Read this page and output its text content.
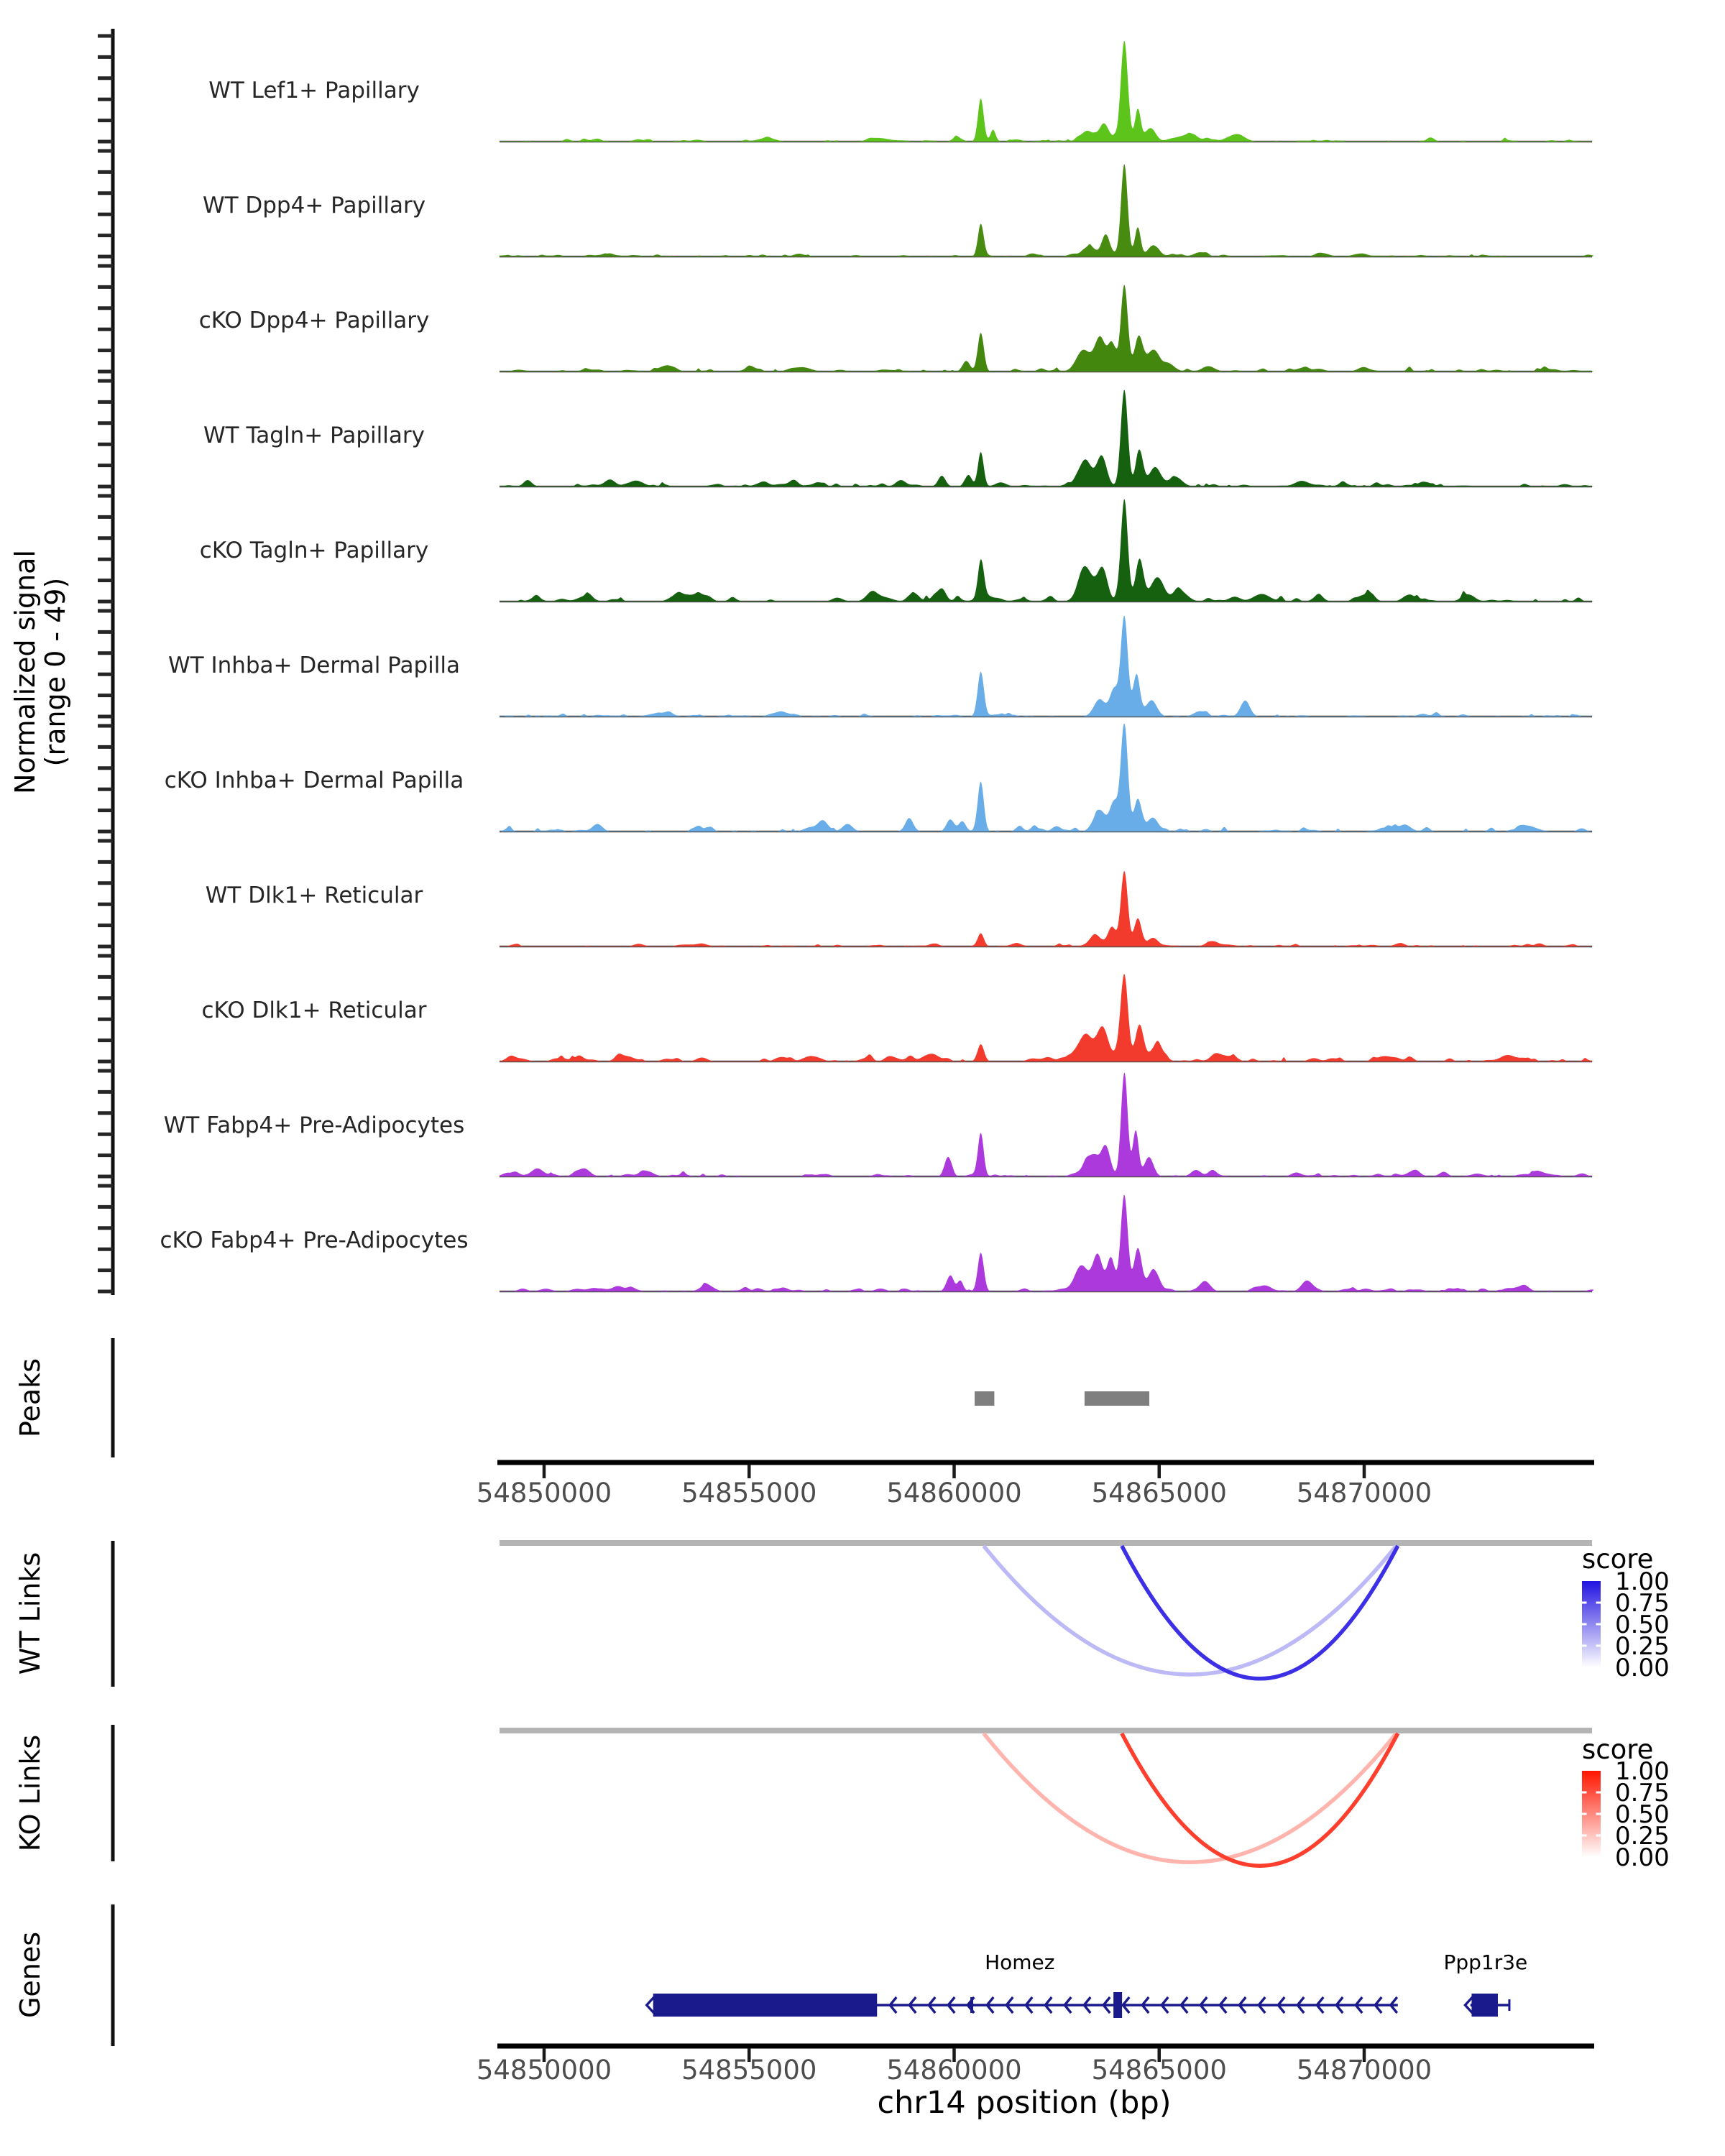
WT Lef1+ Papillary
WT Dpp4+ Papillary
cKO Dpp4+ Papillary
WT Tagln+ Papillary
cKO Tagln+ Papillary
WT Inhba+ Dermal Papilla
cKO Inhba+ Dermal Papilla
WT Dlk1+ Reticular
cKO Dlk1+ Reticular
WT Fabp4+ Pre-Adipocytes
cKO Fabp4+ Pre-Adipocytes
54850000	54855000	54860000	54865000	54870000
score
1.00
0.75
0.50
0.25
0.00
score
1.00
0.75
0.50
0.25
0.00
Homez	Ppp1r3e
54850000	54855000	54860000	54865000	54870000
Normalized signal
(range 0 - 49)
Peaks
WT Links
KO Links
Genes
chr14 position (bp)
